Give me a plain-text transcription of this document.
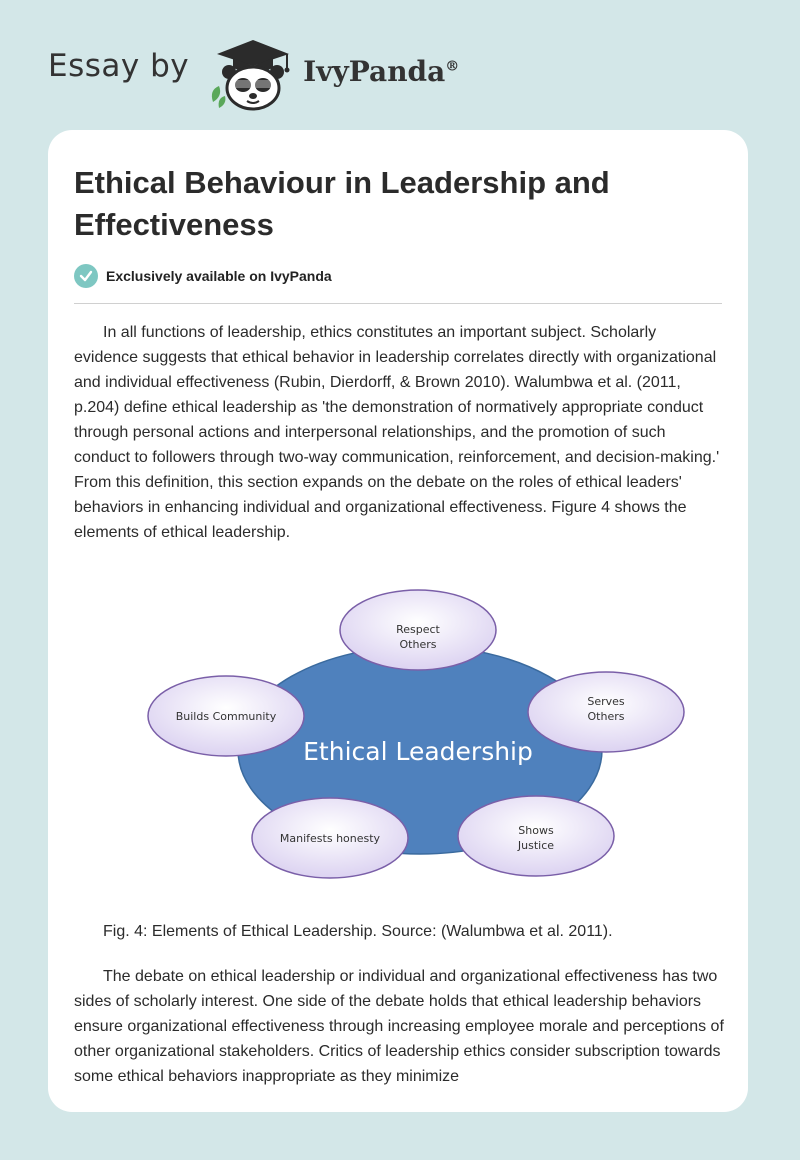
Essay by	IvyPanda®
Ethical Behaviour in Leadership and Effectiveness
Exclusively available on IvyPanda

In all functions of leadership, ethics constitutes an important subject. Scholarly evidence suggests that ethical behavior in leadership correlates directly with organizational and individual effectiveness (Rubin, Dierdorff, & Brown 2010). Walumbwa et al. (2011, p.204) define ethical leadership as 'the demonstration of normatively appropriate conduct through personal actions and interpersonal relationships, and the promotion of such conduct to followers through two-way communication, reinforcement, and decision-making.' From this definition, this section expands on the debate on the roles of ethical leaders' behaviors in enhancing individual and organizational effectiveness. Figure 4 shows the elements of ethical leadership.

Ethical Leadership
Respect
Others
Serves
Others
Builds Community
Manifests honesty
Shows
Justice
Fig. 4: Elements of Ethical Leadership. Source: (Walumbwa et al. 2011).

The debate on ethical leadership or individual and organizational effectiveness has two sides of scholarly interest. One side of the debate holds that ethical leadership behaviors ensure organizational effectiveness through increasing employee morale and perceptions of other organizational stakeholders. Critics of leadership ethics consider subscription towards some ethical behaviors inappropriate as they minimize
